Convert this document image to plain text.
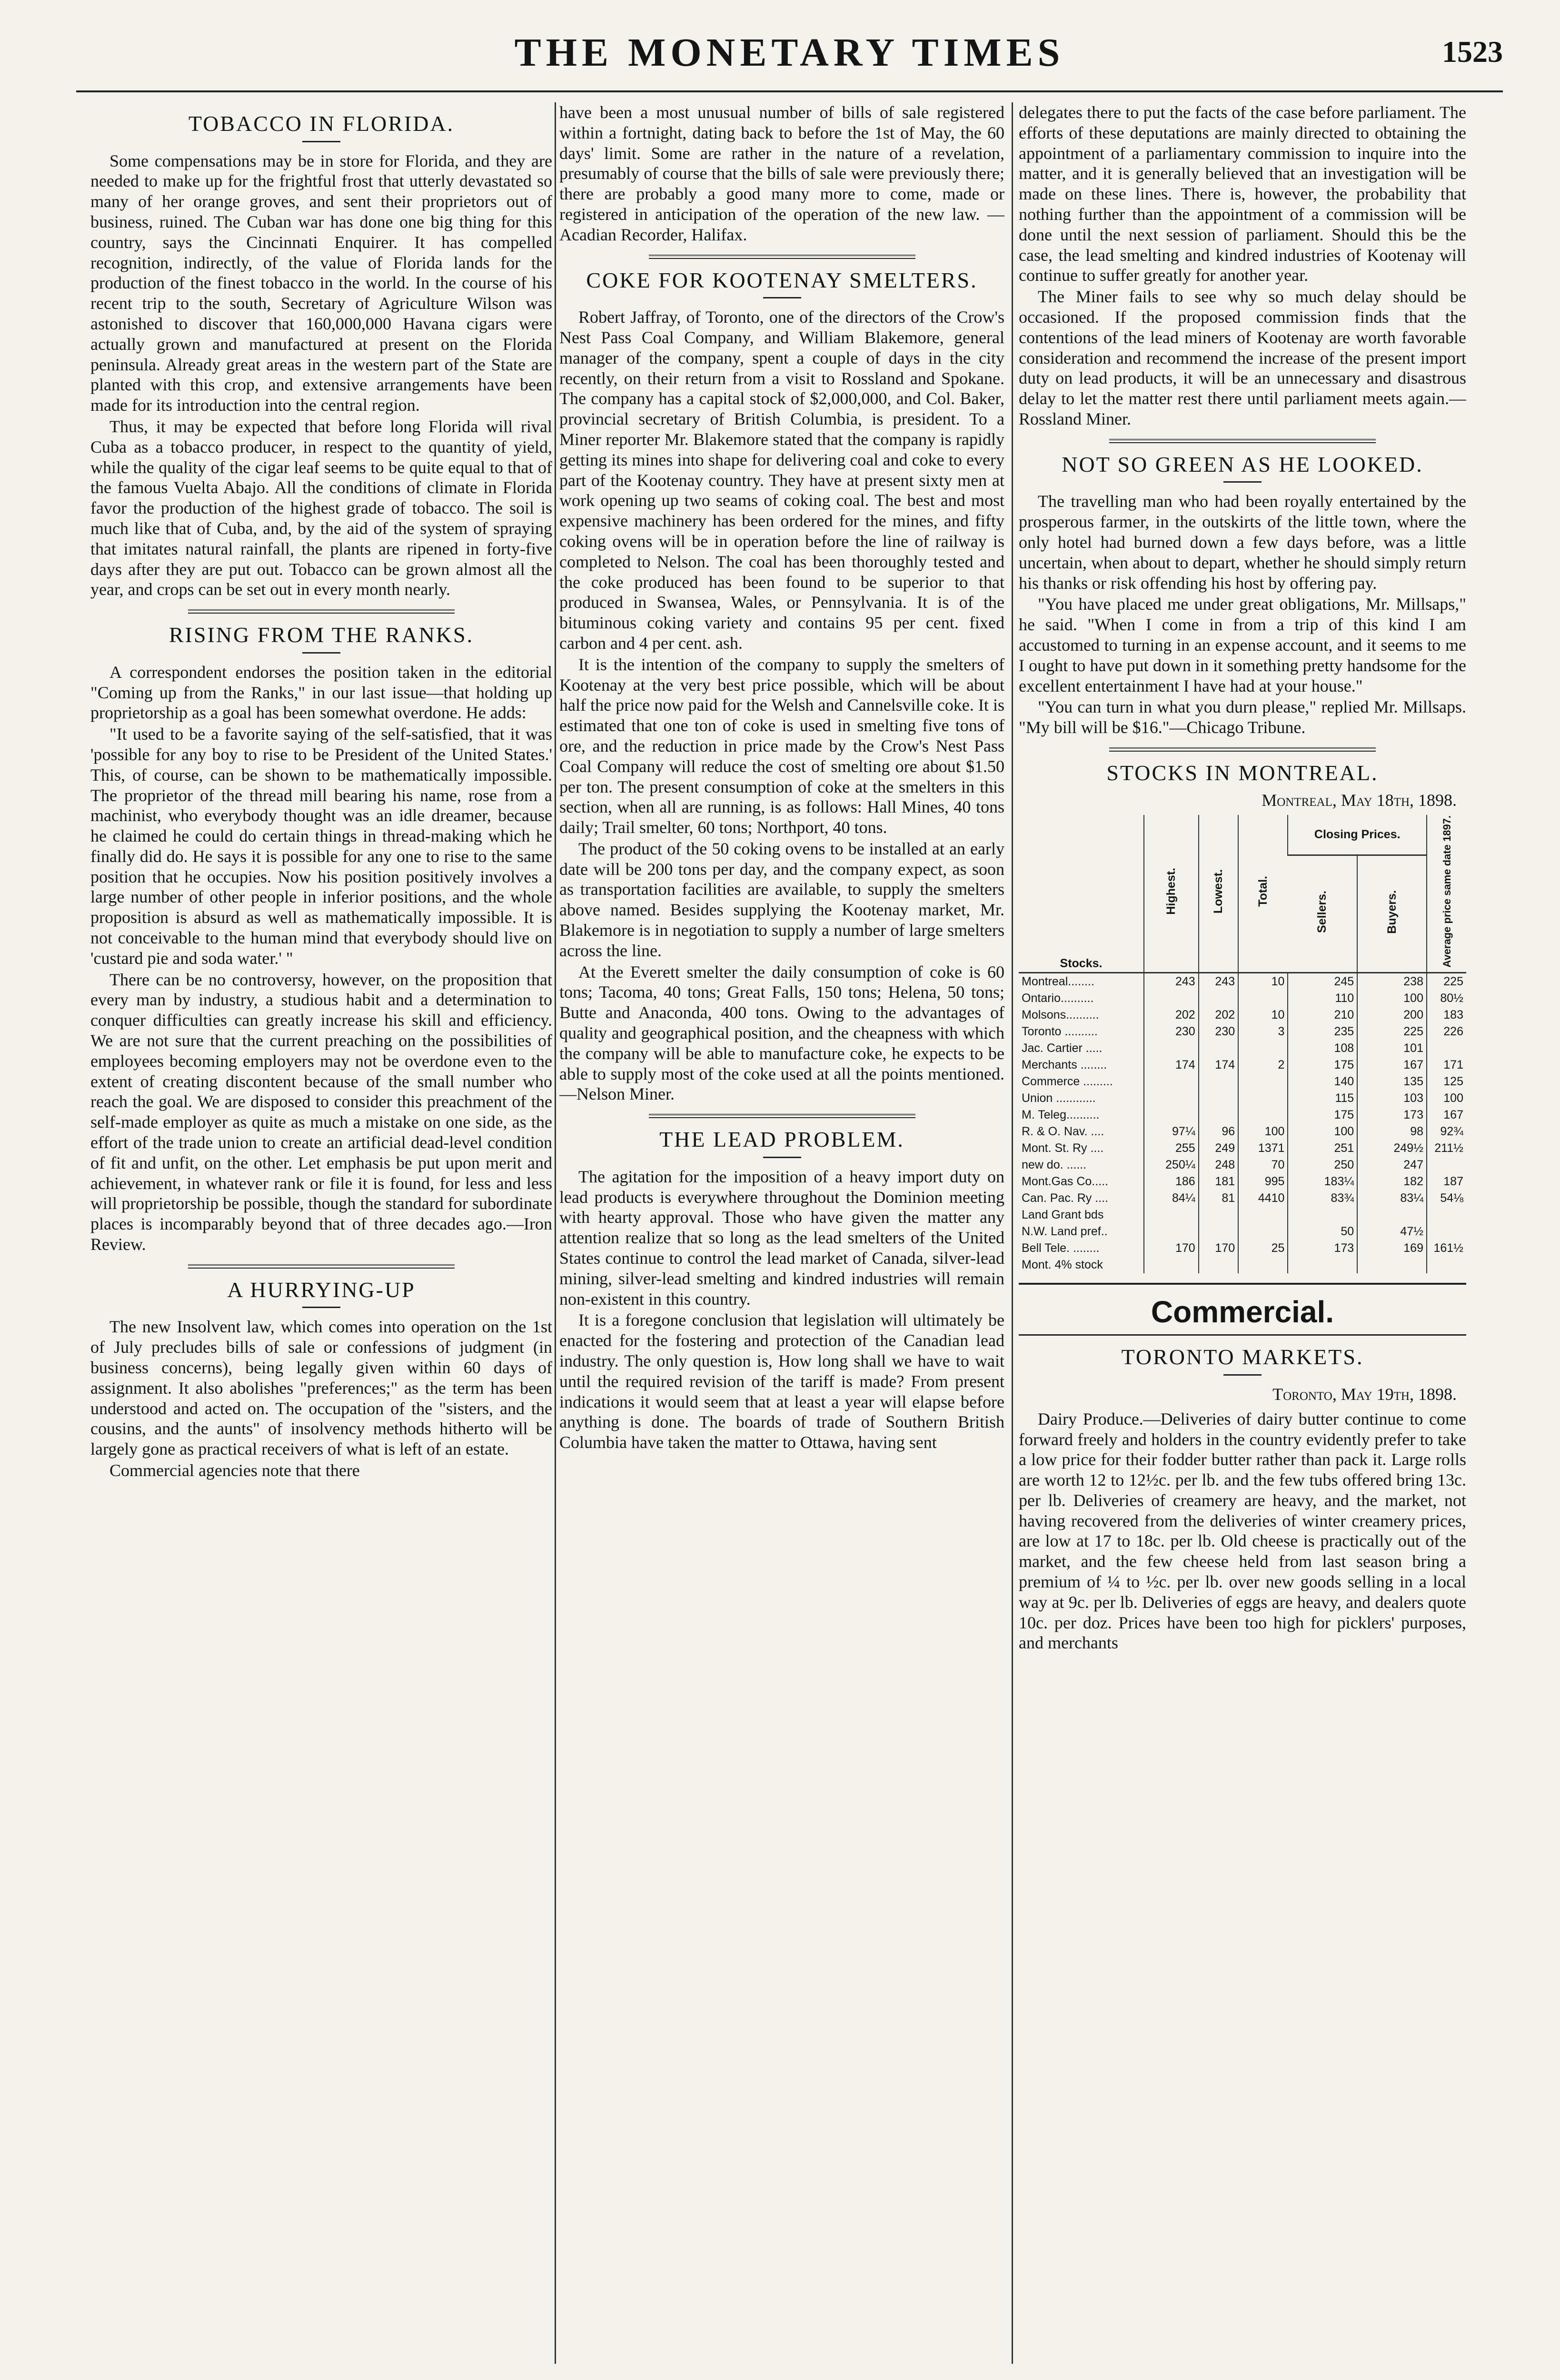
THE MONETARY TIMES	1523
TOBACCO IN FLORIDA.

Some compensations may be in store for Florida, and they are needed to make up for the frightful frost that utterly devastated so many of her orange groves, and sent their proprietors out of business, ruined. The Cuban war has done one big thing for this country, says the Cincinnati Enquirer. It has compelled recognition, indirectly, of the value of Florida lands for the production of the finest tobacco in the world. In the course of his recent trip to the south, Secretary of Agriculture Wilson was astonished to discover that 160,000,000 Havana cigars were actually grown and manufactured at present on the Florida peninsula. Already great areas in the western part of the State are planted with this crop, and extensive arrangements have been made for its introduction into the central region.

Thus, it may be expected that before long Florida will rival Cuba as a tobacco producer, in respect to the quantity of yield, while the quality of the cigar leaf seems to be quite equal to that of the famous Vuelta Abajo. All the conditions of climate in Florida favor the production of the highest grade of tobacco. The soil is much like that of Cuba, and, by the aid of the system of spraying that imitates natural rainfall, the plants are ripened in forty-five days after they are put out. Tobacco can be grown almost all the year, and crops can be set out in every month nearly.

RISING FROM THE RANKS.

A correspondent endorses the position taken in the editorial "Coming up from the Ranks," in our last issue—that holding up proprietorship as a goal has been somewhat overdone. He adds:

"It used to be a favorite saying of the self-satisfied, that it was 'possible for any boy to rise to be President of the United States.' This, of course, can be shown to be mathematically impossible. The proprietor of the thread mill bearing his name, rose from a machinist, who everybody thought was an idle dreamer, because he claimed he could do certain things in thread-making which he finally did do. He says it is possible for any one to rise to the same position that he occupies. Now his position positively involves a large number of other people in inferior positions, and the whole proposition is absurd as well as mathematically impossible. It is not conceivable to the human mind that everybody should live on 'custard pie and soda water.' "

There can be no controversy, however, on the proposition that every man by industry, a studious habit and a determination to conquer difficulties can greatly increase his skill and efficiency. We are not sure that the current preaching on the possibilities of employees becoming employers may not be overdone even to the extent of creating discontent because of the small number who reach the goal. We are disposed to consider this preachment of the self-made employer as quite as much a mistake on one side, as the effort of the trade union to create an artificial dead-level condition of fit and unfit, on the other. Let emphasis be put upon merit and achievement, in whatever rank or file it is found, for less and less will proprietorship be possible, though the standard for subordinate places is incomparably beyond that of three decades ago.—Iron Review.

A HURRYING-UP

The new Insolvent law, which comes into operation on the 1st of July precludes bills of sale or confessions of judgment (in business concerns), being legally given within 60 days of assignment. It also abolishes "preferences;" as the term has been understood and acted on. The occupation of the "sisters, and the cousins, and the aunts" of insolvency methods hitherto will be largely gone as practical receivers of what is left of an estate.

Commercial agencies note that there

have been a most unusual number of bills of sale registered within a fortnight, dating back to before the 1st of May, the 60 days' limit. Some are rather in the nature of a revelation, presumably of course that the bills of sale were previously there; there are probably a good many more to come, made or registered in anticipation of the operation of the new law. —Acadian Recorder, Halifax.

COKE FOR KOOTENAY SMELTERS.

Robert Jaffray, of Toronto, one of the directors of the Crow's Nest Pass Coal Company, and William Blakemore, general manager of the company, spent a couple of days in the city recently, on their return from a visit to Rossland and Spokane. The company has a capital stock of $2,000,000, and Col. Baker, provincial secretary of British Columbia, is president. To a Miner reporter Mr. Blakemore stated that the company is rapidly getting its mines into shape for delivering coal and coke to every part of the Kootenay country. They have at present sixty men at work opening up two seams of coking coal. The best and most expensive machinery has been ordered for the mines, and fifty coking ovens will be in operation before the line of railway is completed to Nelson. The coal has been thoroughly tested and the coke produced has been found to be superior to that produced in Swansea, Wales, or Pennsylvania. It is of the bituminous coking variety and contains 95 per cent. fixed carbon and 4 per cent. ash.

It is the intention of the company to supply the smelters of Kootenay at the very best price possible, which will be about half the price now paid for the Welsh and Cannelsville coke. It is estimated that one ton of coke is used in smelting five tons of ore, and the reduction in price made by the Crow's Nest Pass Coal Company will reduce the cost of smelting ore about $1.50 per ton. The present consumption of coke at the smelters in this section, when all are running, is as follows: Hall Mines, 40 tons daily; Trail smelter, 60 tons; Northport, 40 tons.

The product of the 50 coking ovens to be installed at an early date will be 200 tons per day, and the company expect, as soon as transportation facilities are available, to supply the smelters above named. Besides supplying the Kootenay market, Mr. Blakemore is in negotiation to supply a number of large smelters across the line.

At the Everett smelter the daily consumption of coke is 60 tons; Tacoma, 40 tons; Great Falls, 150 tons; Helena, 50 tons; Butte and Anaconda, 400 tons. Owing to the advantages of quality and geographical position, and the cheapness with which the company will be able to manufacture coke, he expects to be able to supply most of the coke used at all the points mentioned.—Nelson Miner.

THE LEAD PROBLEM.

The agitation for the imposition of a heavy import duty on lead products is everywhere throughout the Dominion meeting with hearty approval. Those who have given the matter any attention realize that so long as the lead smelters of the United States continue to control the lead market of Canada, silver-lead mining, silver-lead smelting and kindred industries will remain non-existent in this country.

It is a foregone conclusion that legislation will ultimately be enacted for the fostering and protection of the Canadian lead industry. The only question is, How long shall we have to wait until the required revision of the tariff is made? From present indications it would seem that at least a year will elapse before anything is done. The boards of trade of Southern British Columbia have taken the matter to Ottawa, having sent

delegates there to put the facts of the case before parliament. The efforts of these deputations are mainly directed to obtaining the appointment of a parliamentary commission to inquire into the matter, and it is generally believed that an investigation will be made on these lines. There is, however, the probability that nothing further than the appointment of a commission will be done until the next session of parliament. Should this be the case, the lead smelting and kindred industries of Kootenay will continue to suffer greatly for another year.

The Miner fails to see why so much delay should be occasioned. If the proposed commission finds that the contentions of the lead miners of Kootenay are worth favorable consideration and recommend the increase of the present import duty on lead products, it will be an unnecessary and disastrous delay to let the matter rest there until parliament meets again.—Rossland Miner.

NOT SO GREEN AS HE LOOKED.

The travelling man who had been royally entertained by the prosperous farmer, in the outskirts of the little town, where the only hotel had burned down a few days before, was a little uncertain, when about to depart, whether he should simply return his thanks or risk offending his host by offering pay.

"You have placed me under great obligations, Mr. Millsaps," he said. "When I come in from a trip of this kind I am accustomed to turning in an expense account, and it seems to me I ought to have put down in it something pretty handsome for the excellent entertainment I have had at your house."

"You can turn in what you durn please," replied Mr. Millsaps. "My bill will be $16."—Chicago Tribune.

STOCKS IN MONTREAL.
Montreal, May 18th, 1898.
Stocks.	Highest.	Lowest.	Total.	Closing Prices.		Average price same date 1897.
				Sellers.	Buyers.	
Montreal........	243	243	10	245	238	225
Ontario..........				110	100	80½
Molsons..........	202	202	10	210	200	183
Toronto ..........	230	230	3	235	225	226
Jac. Cartier .....				108	101	
Merchants ........	174	174	2	175	167	171
Commerce .........				140	135	125
Union ............				115	103	100
M. Teleg..........				175	173	167
R. & O. Nav. ....	97¼	96	100	100	98	92¾
Mont. St. Ry ....	255	249	1371	251	249½	211½
new do. ......	250¼	248	70	250	247	
Mont.Gas Co.....	186	181	995	183¼	182	187
Can. Pac. Ry ....	84¼	81	4410	83¾	83¼	54⅛
Land Grant bds						
N.W. Land pref..				50	47½	
Bell Tele. ........	170	170	25	173	169	161½
Mont. 4% stock						
Commercial.
TORONTO MARKETS.
Toronto, May 19th, 1898.

Dairy Produce.—Deliveries of dairy butter continue to come forward freely and holders in the country evidently prefer to take a low price for their fodder butter rather than pack it. Large rolls are worth 12 to 12½c. per lb. and the few tubs offered bring 13c. per lb. Deliveries of creamery are heavy, and the market, not having recovered from the deliveries of winter creamery prices, are low at 17 to 18c. per lb. Old cheese is practically out of the market, and the few cheese held from last season bring a premium of ¼ to ½c. per lb. over new goods selling in a local way at 9c. per lb. Deliveries of eggs are heavy, and dealers quote 10c. per doz. Prices have been too high for picklers' purposes, and merchants
